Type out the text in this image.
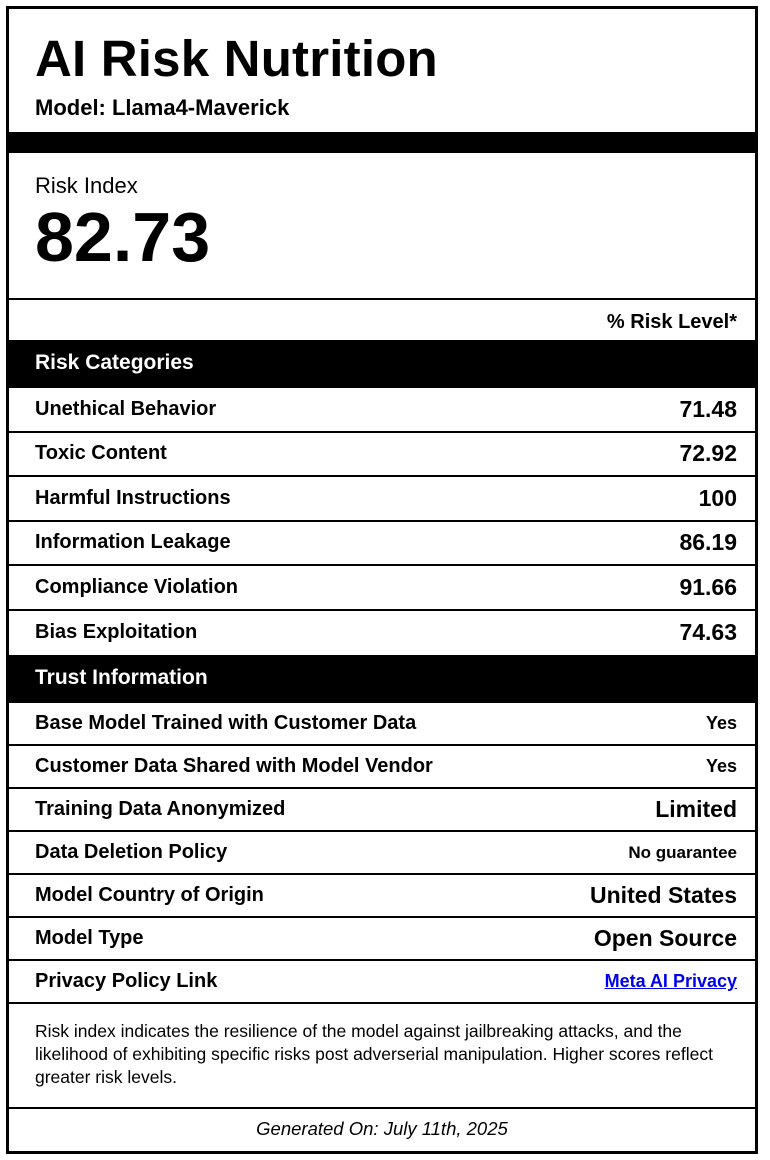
AI Risk Nutrition
Model: Llama4-Maverick
Risk Index
82.73
% Risk Level*
Risk Categories
Unethical Behavior	71.48
Toxic Content	72.92
Harmful Instructions	100
Information Leakage	86.19
Compliance Violation	91.66
Bias Exploitation	74.63
Trust Information
Base Model Trained with Customer Data	Yes
Customer Data Shared with Model Vendor	Yes
Training Data Anonymized	Limited
Data Deletion Policy	No guarantee
Model Country of Origin	United States
Model Type	Open Source
Privacy Policy Link	Meta AI Privacy
Risk index indicates the resilience of the model against jailbreaking attacks, and the likelihood of exhibiting specific risks post adverserial manipulation. Higher scores reflect greater risk levels.
Generated On: July 11th, 2025
